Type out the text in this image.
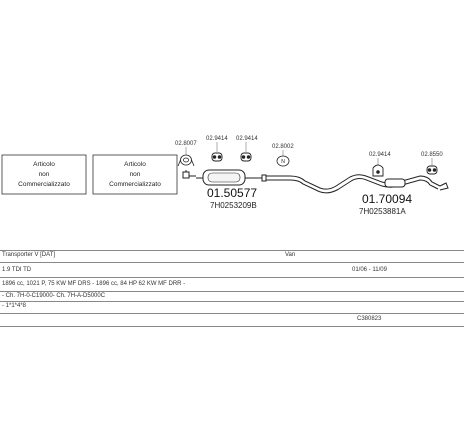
Articolo
non
Commercializzato
Articolo
non
Commercializzato
02.8007
02.9414 02.9414
02.8002
02.9414	02.8550
N
01.50577
7H0253209B	01.70094
7H0253881A
Transporter V [DAT]	Van
1.9 TDI TD	01/06 - 11/09
1896 cc, 1021 P, 75 KW MF DRS - 1896 cc, 84 HP 62 KW MF DRR -
- Ch. 7H-0-C19000- Ch. 7H-A-D5000C
- 1*1*4*8
C380823
